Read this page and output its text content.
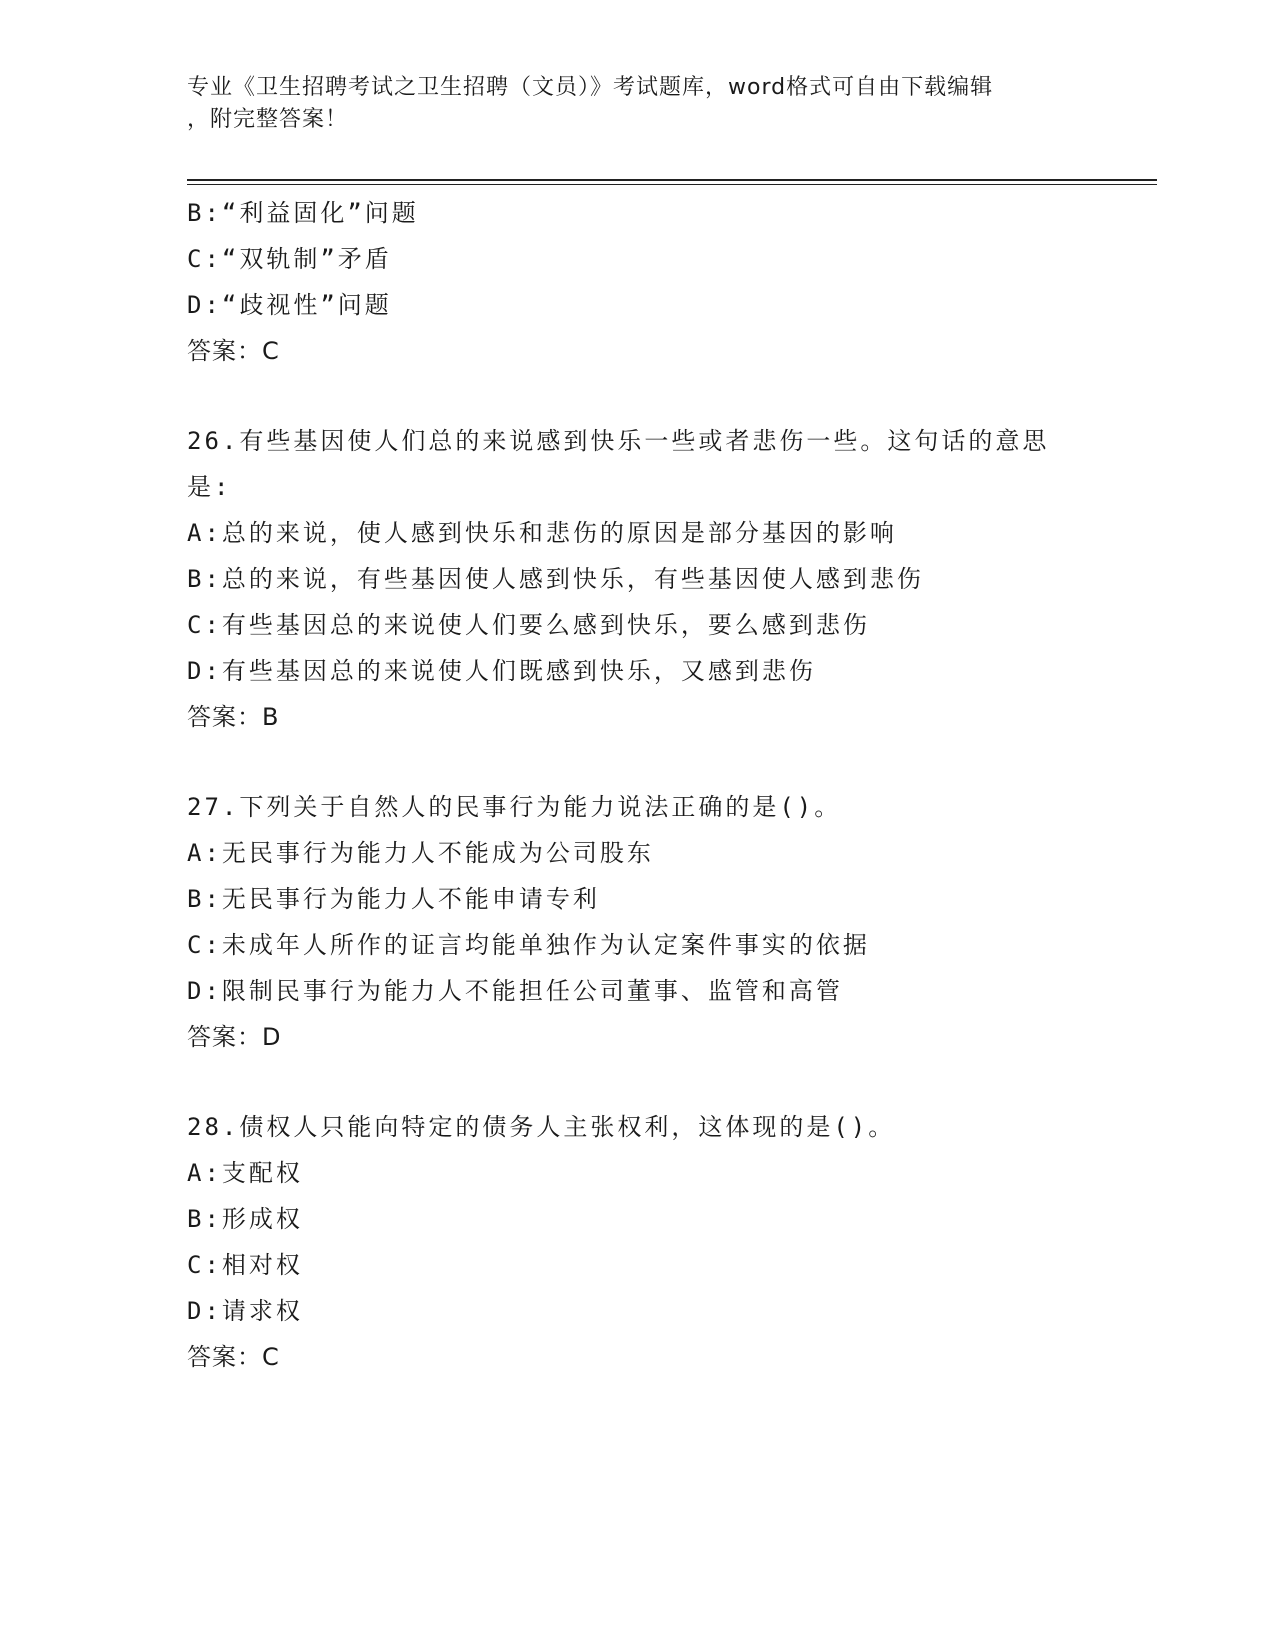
专业《卫生招聘考试之卫生招聘（文员）》考试题库，word格式可自由下载编辑
，附完整答案！
B:“利益固化”问题
C:“双轨制”矛盾
D:“歧视性”问题
答案：C
26.有些基因使人们总的来说感到快乐一些或者悲伤一些。这句话的意思是:
A:总的来说，使人感到快乐和悲伤的原因是部分基因的影响
B:总的来说，有些基因使人感到快乐，有些基因使人感到悲伤
C:有些基因总的来说使人们要么感到快乐，要么感到悲伤
D:有些基因总的来说使人们既感到快乐，又感到悲伤
答案：B
27.下列关于自然人的民事行为能力说法正确的是()。
A:无民事行为能力人不能成为公司股东
B:无民事行为能力人不能申请专利
C:未成年人所作的证言均能单独作为认定案件事实的依据
D:限制民事行为能力人不能担任公司董事、监管和高管
答案：D
28.债权人只能向特定的债务人主张权利，这体现的是()。
A:支配权
B:形成权
C:相对权
D:请求权
答案：C
